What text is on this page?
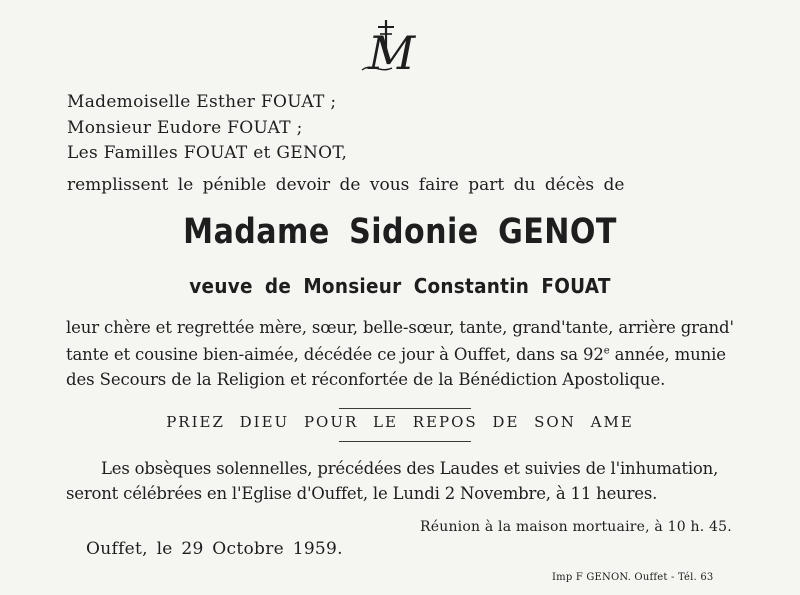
M
Mademoiselle Esther FOUAT ;
Monsieur Eudore FOUAT ;
Les Familles FOUAT et GENOT,
remplissent le pénible devoir de vous faire part du décès de
Madame Sidonie GENOT
veuve de Monsieur Constantin FOUAT
leur chère et regrettée mère, sœur, belle-sœur, tante, grand'tante, arrière grand'
tante et cousine bien-aimée, décédée ce jour à Ouffet, dans sa 92e année, munie
des Secours de la Religion et réconfortée de la Bénédiction Apostolique.
PRIEZ DIEU POUR LE REPOS DE SON AME
Les obsèques solennelles, précédées des Laudes et suivies de l'inhumation,
seront célébrées en l'Eglise d'Ouffet, le Lundi 2 Novembre, à 11 heures.
Réunion à la maison mortuaire, à 10 h. 45.
Ouffet, le 29 Octobre 1959.
Imp F GENON. Ouffet - Tél. 63
